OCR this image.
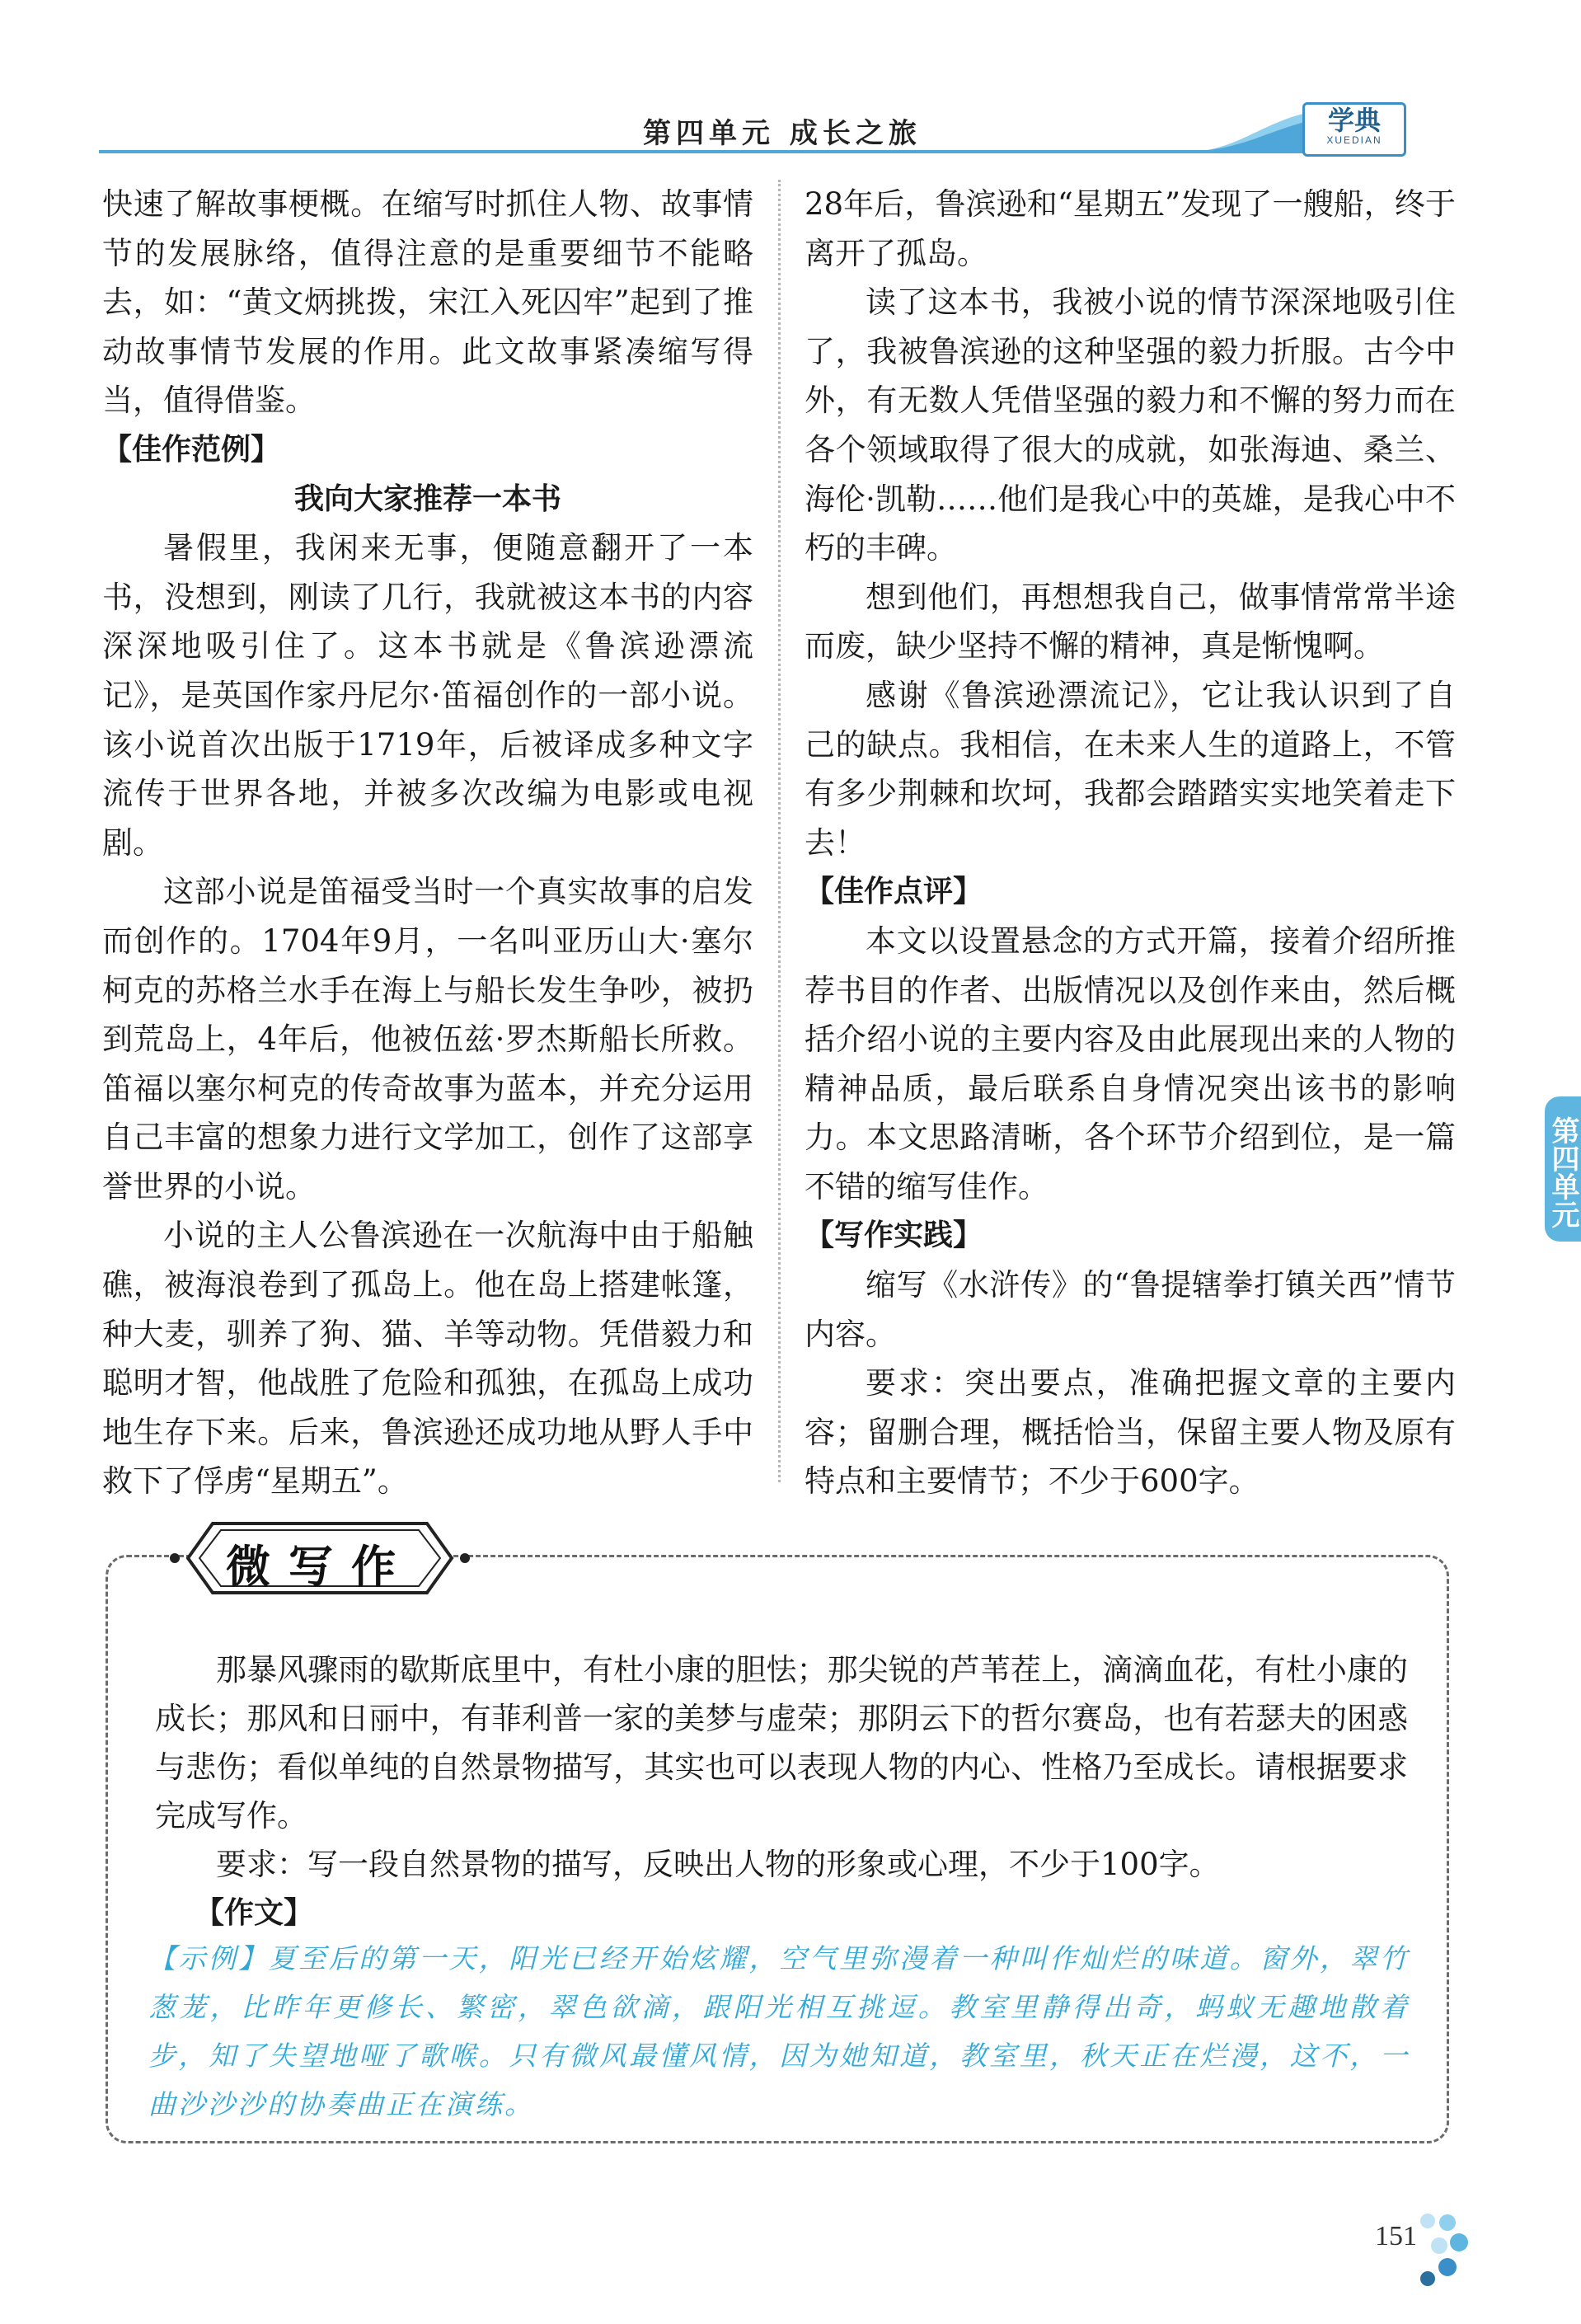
第四单元 成长之旅	学典
XUEDIAN

快速了解故事梗概。在缩写时抓住人物、故事情节的发展脉络，值得注意的是重要细节不能略去，如：“黄文炳挑拨，宋江入死囚牢”起到了推动故事情节发展的作用。此文故事紧凑缩写得当，值得借鉴。

【佳作范例】

我向大家推荐一本书

暑假里，我闲来无事，便随意翻开了一本书，没想到，刚读了几行，我就被这本书的内容深深地吸引住了。这本书就是《鲁滨逊漂流记》，是英国作家丹尼尔·笛福创作的一部小说。该小说首次出版于1719年，后被译成多种文字流传于世界各地，并被多次改编为电影或电视剧。

这部小说是笛福受当时一个真实故事的启发而创作的。1704年9月，一名叫亚历山大·塞尔柯克的苏格兰水手在海上与船长发生争吵，被扔到荒岛上，4年后，他被伍兹·罗杰斯船长所救。笛福以塞尔柯克的传奇故事为蓝本，并充分运用自己丰富的想象力进行文学加工，创作了这部享誉世界的小说。

小说的主人公鲁滨逊在一次航海中由于船触礁，被海浪卷到了孤岛上。他在岛上搭建帐篷，种大麦，驯养了狗、猫、羊等动物。凭借毅力和聪明才智，他战胜了危险和孤独，在孤岛上成功地生存下来。后来，鲁滨逊还成功地从野人手中救下了俘虏“星期五”。

28年后，鲁滨逊和“星期五”发现了一艘船，终于离开了孤岛。

读了这本书，我被小说的情节深深地吸引住了，我被鲁滨逊的这种坚强的毅力折服。古今中外，有无数人凭借坚强的毅力和不懈的努力而在各个领域取得了很大的成就，如张海迪、桑兰、海伦·凯勒……他们是我心中的英雄，是我心中不朽的丰碑。

想到他们，再想想我自己，做事情常常半途而废，缺少坚持不懈的精神，真是惭愧啊。

感谢《鲁滨逊漂流记》，它让我认识到了自己的缺点。我相信，在未来人生的道路上，不管有多少荆棘和坎坷，我都会踏踏实实地笑着走下去！

【佳作点评】

本文以设置悬念的方式开篇，接着介绍所推荐书目的作者、出版情况以及创作来由，然后概括介绍小说的主要内容及由此展现出来的人物的精神品质，最后联系自身情况突出该书的影响力。本文思路清晰，各个环节介绍到位，是一篇不错的缩写佳作。

【写作实践】

缩写《水浒传》的“鲁提辖拳打镇关西”情节内容。

要求：突出要点，准确把握文章的主要内容；留删合理，概括恰当，保留主要人物及原有特点和主要情节；不少于600字。

第四单元
微写作

那暴风骤雨的歇斯底里中，有杜小康的胆怯；那尖锐的芦苇茬上，滴滴血花，有杜小康的成长；那风和日丽中，有菲利普一家的美梦与虚荣；那阴云下的哲尔赛岛，也有若瑟夫的困惑与悲伤；看似单纯的自然景物描写，其实也可以表现人物的内心、性格乃至成长。请根据要求完成写作。

要求：写一段自然景物的描写，反映出人物的形象或心理，不少于100字。

【作文】

【示例】夏至后的第一天，阳光已经开始炫耀，空气里弥漫着一种叫作灿烂的味道。窗外，翠竹葱茏，比昨年更修长、繁密，翠色欲滴，跟阳光相互挑逗。教室里静得出奇，蚂蚁无趣地散着步，知了失望地哑了歌喉。只有微风最懂风情，因为她知道，教室里，秋天正在烂漫，这不，一曲沙沙沙的协奏曲正在演练。
151
